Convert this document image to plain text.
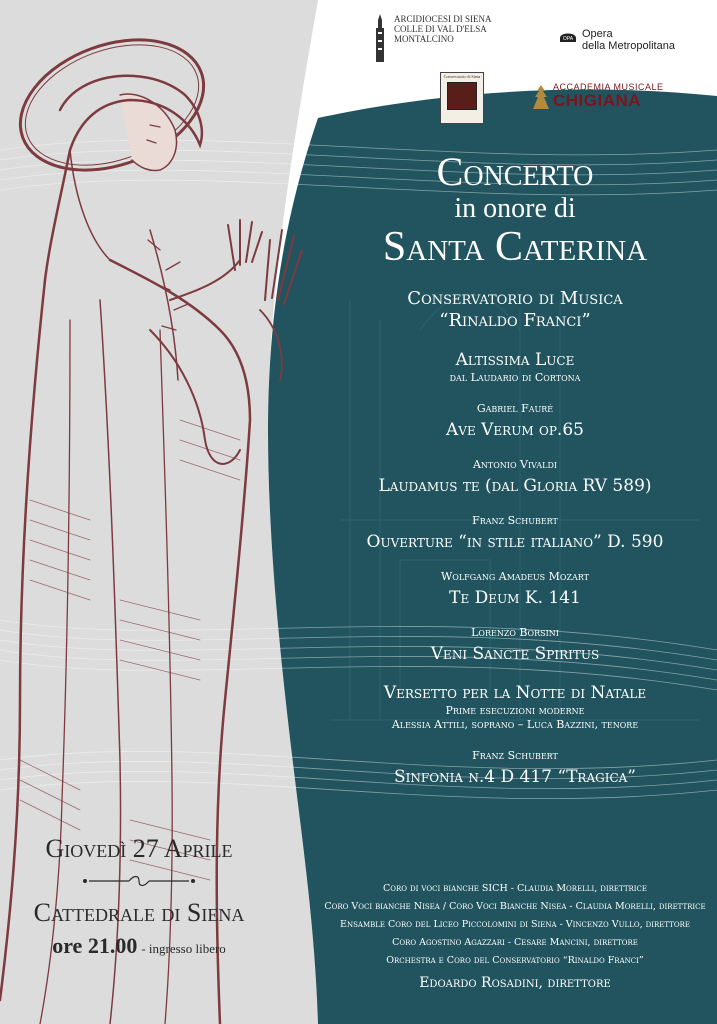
ARCIDIOCESI DI SIENA
COLLE DI VAL D'ELSA
MONTALCINO	OPA Opera
della Metropolitana
Conservatorio di Siena
ACCADEMIA MUSICALE
CHIGIANA
Concerto
in onore di
Santa Caterina
Conservatorio di Musica
“Rinaldo Franci”
Altissima Luce
dal Laudario di Cortona
Gabriel Fauré
Ave Verum op.65
Antonio Vivaldi
Laudamus te (dal Gloria RV 589)
Franz Schubert
Ouverture “in stile italiano” D. 590
Wolfgang Amadeus Mozart
Te Deum K. 141
Lorenzo Borsini
Veni Sancte Spiritus
Versetto per la Notte di Natale
Prime esecuzioni moderne
Alessia Attili, soprano – Luca Bazzini, tenore
Franz Schubert
Sinfonia n.4 D 417 “Tragica”
Coro di voci bianche SICH - Claudia Morelli, direttrice
Coro Voci bianche Nisea / Coro Voci Bianche Nisea - Claudia Morelli, direttrice
Ensamble Coro del Liceo Piccolomini di Siena - Vincenzo Vullo, direttore
Coro Agostino Agazzari - Cesare Mancini, direttore
Orchestra e Coro del Conservatorio “Rinaldo Franci”
Edoardo Rosadini, direttore
Giovedì 27 Aprile
Cattedrale di Siena
ore 21.00 - ingresso libero
